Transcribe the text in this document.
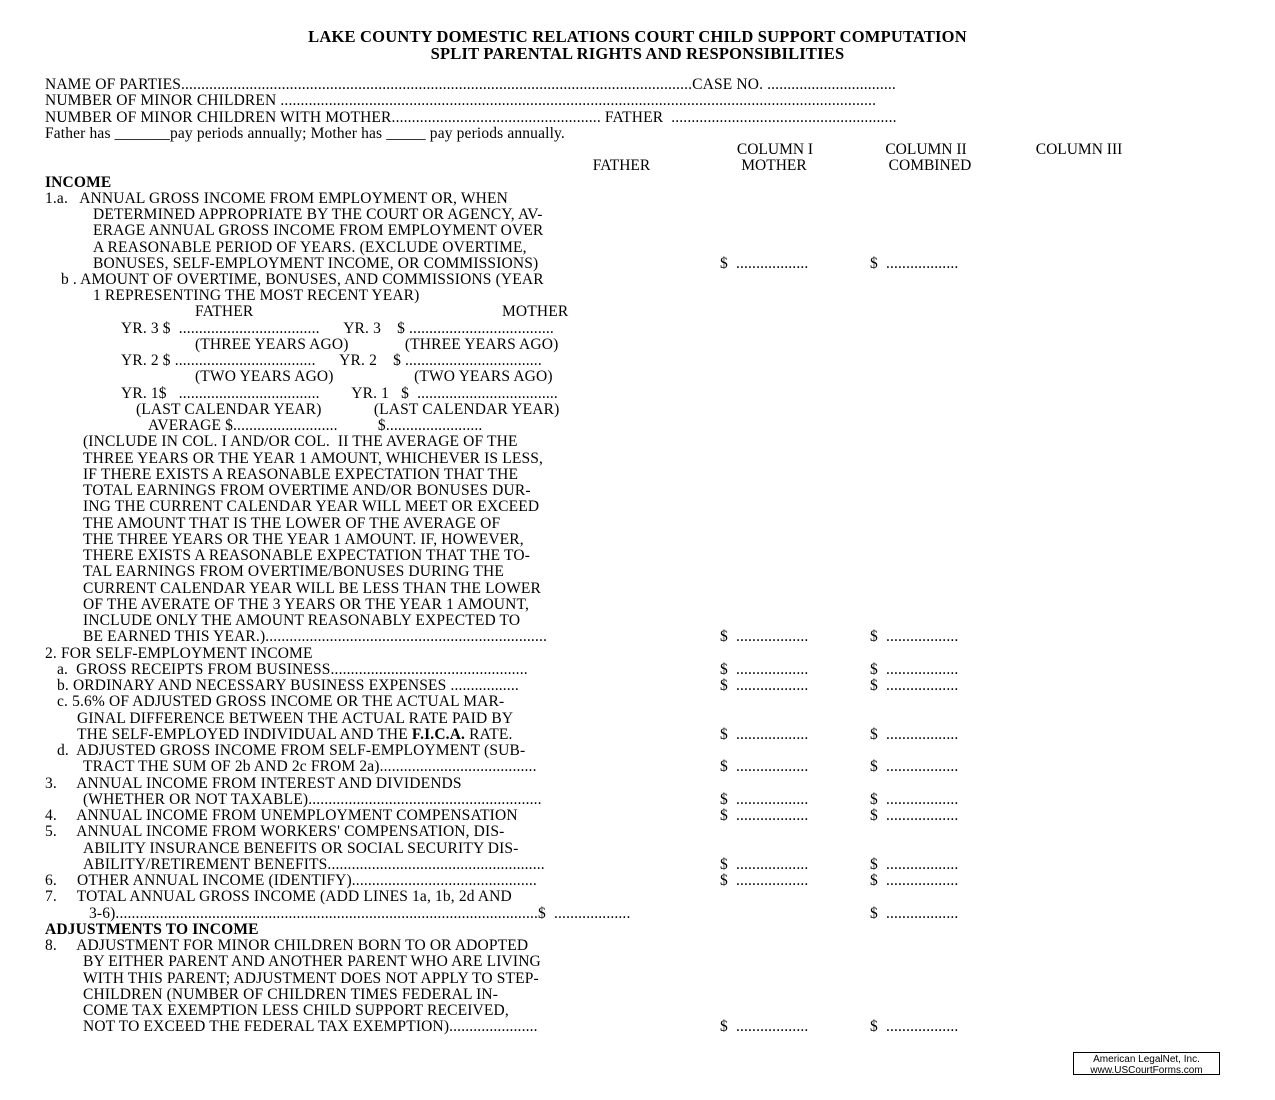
LAKE COUNTY DOMESTIC RELATIONS COURT CHILD SUPPORT COMPUTATION
SPLIT PARENTAL RIGHTS AND RESPONSIBILITIES
NAME OF PARTIES...............................................................................................................................CASE NO. ................................
NUMBER OF MINOR CHILDREN ....................................................................................................................................................
NUMBER OF MINOR CHILDREN WITH MOTHER.................................................... FATHER  ........................................................
Father has _______pay periods annually; Mother has _____ pay periods annually.
COLUMN I	COLUMN II	COLUMN III
FATHER	MOTHER	COMBINED
INCOME
1.a.   ANNUAL GROSS INCOME FROM EMPLOYMENT OR, WHEN
DETERMINED APPROPRIATE BY THE COURT OR AGENCY, AV-
ERAGE ANNUAL GROSS INCOME FROM EMPLOYMENT OVER
A REASONABLE PERIOD OF YEARS. (EXCLUDE OVERTIME,
BONUSES, SELF-EMPLOYMENT INCOME, OR COMMISSIONS)	$  ..................	$  ..................
b . AMOUNT OF OVERTIME, BONUSES, AND COMMISSIONS (YEAR
1 REPRESENTING THE MOST RECENT YEAR)
FATHER	MOTHER
YR. 3 $  ...................................      YR. 3    $ ....................................
(THREE YEARS AGO)              (THREE YEARS AGO)
YR. 2 $ ...................................      YR. 2    $ ..................................
(TWO YEARS AGO)                    (TWO YEARS AGO)
YR. 1$   ...................................        YR. 1   $  ...................................
(LAST CALENDAR YEAR)             (LAST CALENDAR YEAR)
AVERAGE $..........................          $........................
(INCLUDE IN COL. I AND/OR COL.  II THE AVERAGE OF THE
THREE YEARS OR THE YEAR 1 AMOUNT, WHICHEVER IS LESS,
IF THERE EXISTS A REASONABLE EXPECTATION THAT THE
TOTAL EARNINGS FROM OVERTIME AND/OR BONUSES DUR-
ING THE CURRENT CALENDAR YEAR WILL MEET OR EXCEED
THE AMOUNT THAT IS THE LOWER OF THE AVERAGE OF
THE THREE YEARS OR THE YEAR 1 AMOUNT. IF, HOWEVER,
THERE EXISTS A REASONABLE EXPECTATION THAT THE TO-
TAL EARNINGS FROM OVERTIME/BONUSES DURING THE
CURRENT CALENDAR YEAR WILL BE LESS THAN THE LOWER
OF THE AVERATE OF THE 3 YEARS OR THE YEAR 1 AMOUNT,
INCLUDE ONLY THE AMOUNT REASONABLY EXPECTED TO
BE EARNED THIS YEAR.)......................................................................	$  ..................	$  ..................
2. FOR SELF-EMPLOYMENT INCOME
a.  GROSS RECEIPTS FROM BUSINESS.................................................	$  ..................	$  ..................
b. ORDINARY AND NECESSARY BUSINESS EXPENSES .................	$  ..................	$  ..................
c. 5.6% OF ADJUSTED GROSS INCOME OR THE ACTUAL MAR-
GINAL DIFFERENCE BETWEEN THE ACTUAL RATE PAID BY
THE SELF-EMPLOYED INDIVIDUAL AND THE F.I.C.A. RATE.	$  ..................	$  ..................
d.  ADJUSTED GROSS INCOME FROM SELF-EMPLOYMENT (SUB-
TRACT THE SUM OF 2b AND 2c FROM 2a).......................................	$  ..................	$  ..................
3.     ANNUAL INCOME FROM INTEREST AND DIVIDENDS
(WHETHER OR NOT TAXABLE)..........................................................	$  ..................	$  ..................
4.     ANNUAL INCOME FROM UNEMPLOYMENT COMPENSATION	$  ..................	$  ..................
5.     ANNUAL INCOME FROM WORKERS' COMPENSATION, DIS-
ABILITY INSURANCE BENEFITS OR SOCIAL SECURITY DIS-
ABILITY/RETIREMENT BENEFITS......................................................	$  ..................	$  ..................
6.     OTHER ANNUAL INCOME (IDENTIFY)..............................................	$  ..................	$  ..................
7.     TOTAL ANNUAL GROSS INCOME (ADD LINES 1a, 1b, 2d AND
3-6).........................................................................................................$  ...................	$  ..................
ADJUSTMENTS TO INCOME
8.     ADJUSTMENT FOR MINOR CHILDREN BORN TO OR ADOPTED
BY EITHER PARENT AND ANOTHER PARENT WHO ARE LIVING
WITH THIS PARENT; ADJUSTMENT DOES NOT APPLY TO STEP-
CHILDREN (NUMBER OF CHILDREN TIMES FEDERAL IN-
COME TAX EXEMPTION LESS CHILD SUPPORT RECEIVED,
NOT TO EXCEED THE FEDERAL TAX EXEMPTION)......................	$  ..................	$  ..................
American LegalNet, Inc.
www.USCourtForms.com
